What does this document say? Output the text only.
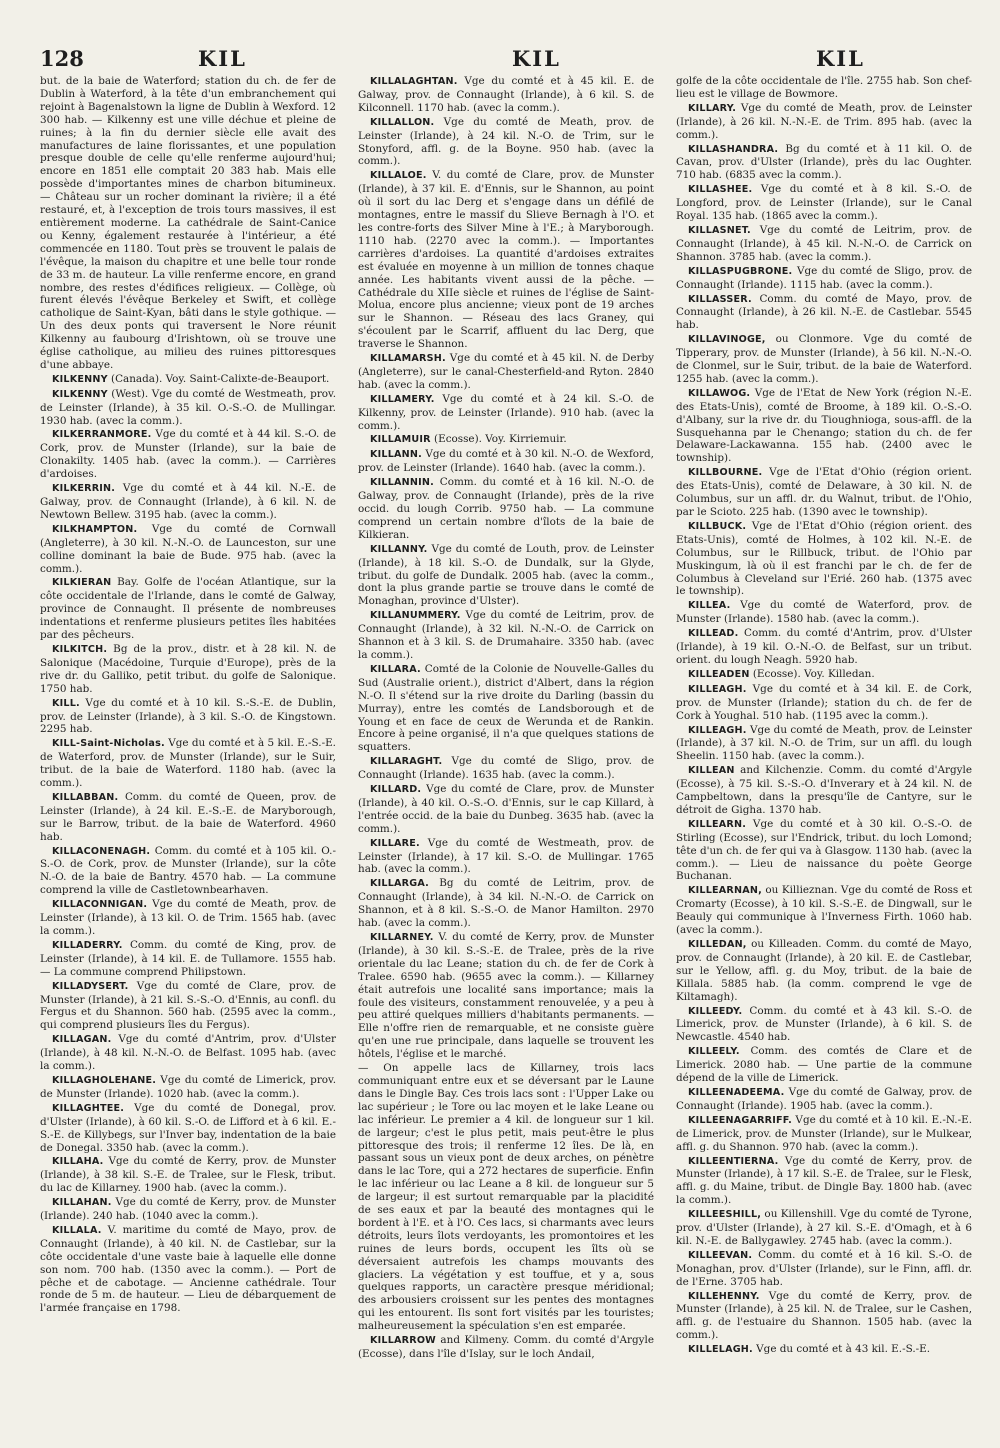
128	KIL	KIL	KIL

but. de la baie de Waterford; station du ch. de fer de Dublin à Waterford, à la tête d'un embranchement qui rejoint à Bagenalstown la ligne de Dublin à Wexford. 12 300 hab. — Kilkenny est une ville déchue et pleine de ruines; à la fin du dernier siècle elle avait des manufactures de laine florissantes, et une population presque double de celle qu'elle renferme aujourd'hui; encore en 1851 elle comptait 20 383 hab. Mais elle possède d'importantes mines de charbon bitumineux. — Château sur un rocher dominant la rivière; il a été restauré, et, à l'exception de trois tours massives, il est entièrement moderne. La cathédrale de Saint-Canice ou Kenny, également restaurée à l'intérieur, a été commencée en 1180. Tout près se trouvent le palais de l'évêque, la maison du chapitre et une belle tour ronde de 33 m. de hauteur. La ville renferme encore, en grand nombre, des restes d'édifices religieux. — Collège, où furent élevés l'évêque Berkeley et Swift, et collège catholique de Saint-Kyan, bâti dans le style gothique. — Un des deux ponts qui traversent le Nore réunit Kilkenny au faubourg d'Irishtown, où se trouve une église catholique, au milieu des ruines pittoresques d'une abbaye.

KILKENNY (Canada). Voy. Saint-Calixte-de-Beauport.

KILKENNY (West). Vge du comté de Westmeath, prov. de Leinster (Irlande), à 35 kil. O.-S.-O. de Mullingar. 1930 hab. (avec la comm.).

KILKERRANMORE. Vge du comté et à 44 kil. S.-O. de Cork, prov. de Munster (Irlande), sur la baie de Clonakilty. 1405 hab. (avec la comm.). — Carrières d'ardoises.

KILKERRIN. Vge du comté et à 44 kil. N.-E. de Galway, prov. de Connaught (Irlande), à 6 kil. N. de Newtown Bellew. 3195 hab. (avec la comm.).

KILKHAMPTON. Vge du comté de Cornwall (Angleterre), à 30 kil. N.-N.-O. de Launceston, sur une colline dominant la baie de Bude. 975 hab. (avec la comm.).

KILKIERAN Bay. Golfe de l'océan Atlantique, sur la côte occidentale de l'Irlande, dans le comté de Galway, province de Connaught. Il présente de nombreuses indentations et renferme plusieurs petites îles habitées par des pêcheurs.

KILKITCH. Bg de la prov., distr. et à 28 kil. N. de Salonique (Macédoine, Turquie d'Europe), près de la rive dr. du Galliko, petit tribut. du golfe de Salonique. 1750 hab.

KILL. Vge du comté et à 10 kil. S.-S.-E. de Dublin, prov. de Leinster (Irlande), à 3 kil. S.-O. de Kingstown. 2295 hab.

KILL-Saint-Nicholas. Vge du comté et à 5 kil. E.-S.-E. de Waterford, prov. de Munster (Irlande), sur le Suir, tribut. de la baie de Waterford. 1180 hab. (avec la comm.).

KILLABBAN. Comm. du comté de Queen, prov. de Leinster (Irlande), à 24 kil. E.-S.-E. de Maryborough, sur le Barrow, tribut. de la baie de Waterford. 4960 hab.

KILLACONENAGH. Comm. du comté et à 105 kil. O.-S.-O. de Cork, prov. de Munster (Irlande), sur la côte N.-O. de la baie de Bantry. 4570 hab. — La commune comprend la ville de Castletownbearhaven.

KILLACONNIGAN. Vge du comté de Meath, prov. de Leinster (Irlande), à 13 kil. O. de Trim. 1565 hab. (avec la comm.).

KILLADERRY. Comm. du comté de King, prov. de Leinster (Irlande), à 14 kil. E. de Tullamore. 1555 hab. — La commune comprend Philipstown.

KILLADYSERT. Vge du comté de Clare, prov. de Munster (Irlande), à 21 kil. S.-S.-O. d'Ennis, au confl. du Fergus et du Shannon. 560 hab. (2595 avec la comm., qui comprend plusieurs îles du Fergus).

KILLAGAN. Vge du comté d'Antrim, prov. d'Ulster (Irlande), à 48 kil. N.-N.-O. de Belfast. 1095 hab. (avec la comm.).

KILLAGHOLEHANE. Vge du comté de Limerick, prov. de Munster (Irlande). 1020 hab. (avec la comm.).

KILLAGHTEE. Vge du comté de Donegal, prov. d'Ulster (Irlande), à 60 kil. S.-O. de Lifford et à 6 kil. E.-S.-E. de Killybegs, sur l'Inver bay, indentation de la baie de Donegal. 3350 hab. (avec la comm.).

KILLAHA. Vge du comté de Kerry, prov. de Munster (Irlande), à 38 kil. S.-E. de Tralee, sur le Flesk, tribut. du lac de Killarney. 1900 hab. (avec la comm.).

KILLAHAN. Vge du comté de Kerry, prov. de Munster (Irlande). 240 hab. (1040 avec la comm.).

KILLALA. V. maritime du comté de Mayo, prov. de Connaught (Irlande), à 40 kil. N. de Castlebar, sur la côte occidentale d'une vaste baie à laquelle elle donne son nom. 700 hab. (1350 avec la comm.). — Port de pêche et de cabotage. — Ancienne cathédrale. Tour ronde de 5 m. de hauteur. — Lieu de débarquement de l'armée française en 1798.

KILLALAGHTAN. Vge du comté et à 45 kil. E. de Galway, prov. de Connaught (Irlande), à 6 kil. S. de Kilconnell. 1170 hab. (avec la comm.).

KILLALLON. Vge du comté de Meath, prov. de Leinster (Irlande), à 24 kil. N.-O. de Trim, sur le Stonyford, affl. g. de la Boyne. 950 hab. (avec la comm.).

KILLALOE. V. du comté de Clare, prov. de Munster (Irlande), à 37 kil. E. d'Ennis, sur le Shannon, au point où il sort du lac Derg et s'engage dans un défilé de montagnes, entre le massif du Slieve Bernagh à l'O. et les contre-forts des Silver Mine à l'E.; à Maryborough. 1110 hab. (2270 avec la comm.). — Importantes carrières d'ardoises. La quantité d'ardoises extraites est évaluée en moyenne à un million de tonnes chaque année. Les habitants vivent aussi de la pêche. — Cathédrale du XIIe siècle et ruines de l'église de Saint-Molua, encore plus ancienne; vieux pont de 19 arches sur le Shannon. — Réseau des lacs Graney, qui s'écoulent par le Scarrif, affluent du lac Derg, que traverse le Shannon.

KILLAMARSH. Vge du comté et à 45 kil. N. de Derby (Angleterre), sur le canal-Chesterfield-and Ryton. 2840 hab. (avec la comm.).

KILLAMERY. Vge du comté et à 24 kil. S.-O. de Kilkenny, prov. de Leinster (Irlande). 910 hab. (avec la comm.).

KILLAMUIR (Ecosse). Voy. Kirriemuir.

KILLANN. Vge du comté et à 30 kil. N.-O. de Wexford, prov. de Leinster (Irlande). 1640 hab. (avec la comm.).

KILLANNIN. Comm. du comté et à 16 kil. N.-O. de Galway, prov. de Connaught (Irlande), près de la rive occid. du lough Corrib. 9750 hab. — La commune comprend un certain nombre d'îlots de la baie de Kilkieran.

KILLANNY. Vge du comté de Louth, prov. de Leinster (Irlande), à 18 kil. S.-O. de Dundalk, sur la Glyde, tribut. du golfe de Dundalk. 2005 hab. (avec la comm., dont la plus grande partie se trouve dans le comté de Monaghan, province d'Ulster).

KILLANUMMERY. Vge du comté de Leitrim, prov. de Connaught (Irlande), à 32 kil. N.-N.-O. de Carrick on Shannon et à 3 kil. S. de Drumahaire. 3350 hab. (avec la comm.).

KILLARA. Comté de la Colonie de Nouvelle-Galles du Sud (Australie orient.), district d'Albert, dans la région N.-O. Il s'étend sur la rive droite du Darling (bassin du Murray), entre les comtés de Landsborough et de Young et en face de ceux de Werunda et de Rankin. Encore à peine organisé, il n'a que quelques stations de squatters.

KILLARAGHT. Vge du comté de Sligo, prov. de Connaught (Irlande). 1635 hab. (avec la comm.).

KILLARD. Vge du comté de Clare, prov. de Munster (Irlande), à 40 kil. O.-S.-O. d'Ennis, sur le cap Killard, à l'entrée occid. de la baie du Dunbeg. 3635 hab. (avec la comm.).

KILLARE. Vge du comté de Westmeath, prov. de Leinster (Irlande), à 17 kil. S.-O. de Mullingar. 1765 hab. (avec la comm.).

KILLARGA. Bg du comté de Leitrim, prov. de Connaught (Irlande), à 34 kil. N.-N.-O. de Carrick on Shannon, et à 8 kil. S.-S.-O. de Manor Hamilton. 2970 hab. (avec la comm.).

KILLARNEY. V. du comté de Kerry, prov. de Munster (Irlande), à 30 kil. S.-S.-E. de Tralee, près de la rive orientale du lac Leane; station du ch. de fer de Cork à Tralee. 6590 hab. (9655 avec la comm.). — Killarney était autrefois une localité sans importance; mais la foule des visiteurs, constamment renouvelée, y a peu à peu attiré quelques milliers d'habitants permanents. — Elle n'offre rien de remarquable, et ne consiste guère qu'en une rue principale, dans laquelle se trouvent les hôtels, l'église et le marché.

— On appelle lacs de Killarney, trois lacs communiquant entre eux et se déversant par le Laune dans le Dingle Bay. Ces trois lacs sont : l'Upper Lake ou lac supérieur ; le Tore ou lac moyen et le lake Leane ou lac inférieur. Le premier a 4 kil. de longueur sur 1 kil. de largeur; c'est le plus petit, mais peut-être le plus pittoresque des trois; il renferme 12 îles. De là, en passant sous un vieux pont de deux arches, on pénètre dans le lac Tore, qui a 272 hectares de superficie. Enfin le lac inférieur ou lac Leane a 8 kil. de longueur sur 5 de largeur; il est surtout remarquable par la placidité de ses eaux et par la beauté des montagnes qui le bordent à l'E. et à l'O. Ces lacs, si charmants avec leurs détroits, leurs îlots verdoyants, les promontoires et les ruines de leurs bords, occupent les îlts où se déversaient autrefois les champs mouvants des glaciers. La végétation y est touffue, et y a, sous quelques rapports, un caractère presque méridional; des arbousiers croissent sur les pentes des montagnes qui les entourent. Ils sont fort visités par les touristes; malheureusement la spéculation s'en est emparée.

KILLARROW and Kilmeny. Comm. du comté d'Argyle (Ecosse), dans l'île d'Islay, sur le loch Andail,

golfe de la côte occidentale de l'île. 2755 hab. Son chef-lieu est le village de Bowmore.

KILLARY. Vge du comté de Meath, prov. de Leinster (Irlande), à 26 kil. N.-N.-E. de Trim. 895 hab. (avec la comm.).

KILLASHANDRA. Bg du comté et à 11 kil. O. de Cavan, prov. d'Ulster (Irlande), près du lac Oughter. 710 hab. (6835 avec la comm.).

KILLASHEE. Vge du comté et à 8 kil. S.-O. de Longford, prov. de Leinster (Irlande), sur le Canal Royal. 135 hab. (1865 avec la comm.).

KILLASNET. Vge du comté de Leitrim, prov. de Connaught (Irlande), à 45 kil. N.-N.-O. de Carrick on Shannon. 3785 hab. (avec la comm.).

KILLASPUGBRONE. Vge du comté de Sligo, prov. de Connaught (Irlande). 1115 hab. (avec la comm.).

KILLASSER. Comm. du comté de Mayo, prov. de Connaught (Irlande), à 26 kil. N.-E. de Castlebar. 5545 hab.

KILLAVINOGE, ou Clonmore. Vge du comté de Tipperary, prov. de Munster (Irlande), à 56 kil. N.-N.-O. de Clonmel, sur le Suir, tribut. de la baie de Waterford. 1255 hab. (avec la comm.).

KILLAWOG. Vge de l'Etat de New York (région N.-E. des Etats-Unis), comté de Broome, à 189 kil. O.-S.-O. d'Albany, sur la rive dr. du Tioughnioga, sous-affl. de la Susquehanna par le Chenango; station du ch. de fer Delaware-Lackawanna. 155 hab. (2400 avec le township).

KILLBOURNE. Vge de l'Etat d'Ohio (région orient. des Etats-Unis), comté de Delaware, à 30 kil. N. de Columbus, sur un affl. dr. du Walnut, tribut. de l'Ohio, par le Scioto. 225 hab. (1390 avec le township).

KILLBUCK. Vge de l'Etat d'Ohio (région orient. des Etats-Unis), comté de Holmes, à 102 kil. N.-E. de Columbus, sur le Rillbuck, tribut. de l'Ohio par Muskingum, là où il est franchi par le ch. de fer de Columbus à Cleveland sur l'Erié. 260 hab. (1375 avec le township).

KILLEA. Vge du comté de Waterford, prov. de Munster (Irlande). 1580 hab. (avec la comm.).

KILLEAD. Comm. du comté d'Antrim, prov. d'Ulster (Irlande), à 19 kil. O.-N.-O. de Belfast, sur un tribut. orient. du lough Neagh. 5920 hab.

KILLEADEN (Ecosse). Voy. Killedan.

KILLEAGH. Vge du comté et à 34 kil. E. de Cork, prov. de Munster (Irlande); station du ch. de fer de Cork à Youghal. 510 hab. (1195 avec la comm.).

KILLEAGH. Vge du comté de Meath, prov. de Leinster (Irlande), à 37 kil. N.-O. de Trim, sur un affl. du lough Sheelin. 1150 hab. (avec la comm.).

KILLEAN and Kilchenzie. Comm. du comté d'Argyle (Ecosse), à 75 kil. S.-S.-O. d'Inverary et à 24 kil. N. de Campbeltown, dans la presqu'île de Cantyre, sur le détroit de Gigha. 1370 hab.

KILLEARN. Vge du comté et à 30 kil. O.-S.-O. de Stirling (Ecosse), sur l'Endrick, tribut. du loch Lomond; tête d'un ch. de fer qui va à Glasgow. 1130 hab. (avec la comm.). — Lieu de naissance du poète George Buchanan.

KILLEARNAN, ou Killieznan. Vge du comté de Ross et Cromarty (Ecosse), à 10 kil. S.-S.-E. de Dingwall, sur le Beauly qui communique à l'Inverness Firth. 1060 hab. (avec la comm.).

KILLEDAN, ou Killeaden. Comm. du comté de Mayo, prov. de Connaught (Irlande), à 20 kil. E. de Castlebar, sur le Yellow, affl. g. du Moy, tribut. de la baie de Killala. 5885 hab. (la comm. comprend le vge de Kiltamagh).

KILLEEDY. Comm. du comté et à 43 kil. S.-O. de Limerick, prov. de Munster (Irlande), à 6 kil. S. de Newcastle. 4540 hab.

KILLEELY. Comm. des comtés de Clare et de Limerick. 2080 hab. — Une partie de la commune dépend de la ville de Limerick.

KILLEENADEEMA. Vge du comté de Galway, prov. de Connaught (Irlande). 1905 hab. (avec la comm.).

KILLEENAGARRIFF. Vge du comté et à 10 kil. E.-N.-E. de Limerick, prov. de Munster (Irlande), sur le Mulkear, affl. g. du Shannon. 970 hab. (avec la comm.).

KILLEENTIERNA. Vge du comté de Kerry, prov. de Munster (Irlande), à 17 kil. S.-E. de Tralee, sur le Flesk, affl. g. du Maine, tribut. de Dingle Bay. 1800 hab. (avec la comm.).

KILLEESHILL, ou Killenshill. Vge du comté de Tyrone, prov. d'Ulster (Irlande), à 27 kil. S.-E. d'Omagh, et à 6 kil. N.-E. de Ballygawley. 2745 hab. (avec la comm.).

KILLEEVAN. Comm. du comté et à 16 kil. S.-O. de Monaghan, prov. d'Ulster (Irlande), sur le Finn, affl. dr. de l'Erne. 3705 hab.

KILLEHENNY. Vge du comté de Kerry, prov. de Munster (Irlande), à 25 kil. N. de Tralee, sur le Cashen, affl. g. de l'estuaire du Shannon. 1505 hab. (avec la comm.).

KILLELAGH. Vge du comté et à 43 kil. E.-S.-E.
